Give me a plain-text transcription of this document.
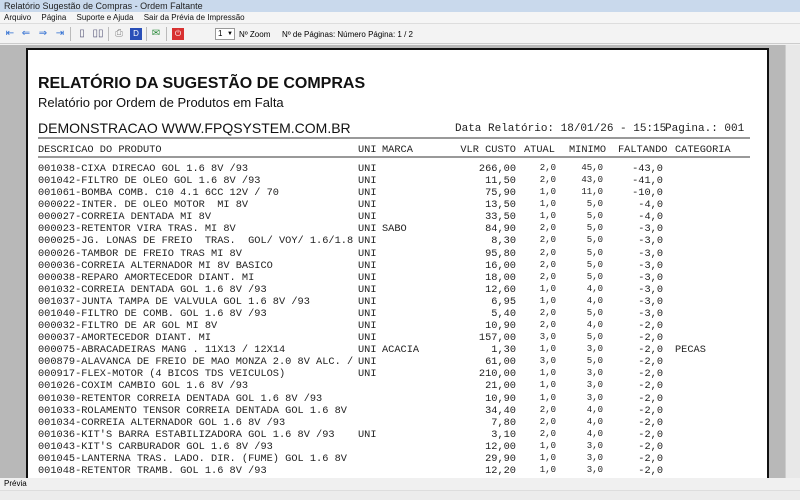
Relatório Sugestão de Compras - Ordem Faltante
Arquivo Página Suporte e Ajuda Sair da Prévia de Impressão
⇤ ⇐ ⇒ ⇥	▯ ▯▯ ⎙	D	✉	⏻	1 ▼ Nº Zoom Nº de Páginas: Número Página: 1 / 2
RELATÓRIO DA SUGESTÃO DE COMPRAS
Relatório por Ordem de Produtos em Falta
DEMONSTRACAO WWW.FPQSYSTEM.COM.BR	Data Relatório: 18/01/26 - 15:15
Pagina.: 001
DESCRICAO DO PRODUTO	UNI MARCA	VLR CUSTO ATUAL MINIMO FALTANDO CATEGORIA
001038-CIXA DIRECAO GOL 1.6 8V /93	UNI	266,00	2,0	45,0	-43,0
001042-FILTRO DE OLEO GOL 1.6 8V /93	UNI	11,50	2,0	43,0	-41,0
001061-BOMBA COMB. C10 4.1 6CC 12V / 70	UNI	75,90	1,0	11,0	-10,0
000022-INTER. DE OLEO MOTOR  MI 8V	UNI	13,50	1,0	5,0	-4,0
000027-CORREIA DENTADA MI 8V	UNI	33,50	1,0	5,0	-4,0
000023-RETENTOR VIRA TRAS. MI 8V	UNI SABO	84,90	2,0	5,0	-3,0
000025-JG. LONAS DE FREIO  TRAS.  GOL/ VOY/ 1.6/1.8 UNI	8,30	2,0	5,0	-3,0
000026-TAMBOR DE FREIO TRAS MI 8V	UNI	95,80	2,0	5,0	-3,0
000036-CORREIA ALTERNADOR MI 8V BASICO	UNI	16,00	2,0	5,0	-3,0
000038-REPARO AMORTECEDOR DIANT. MI	UNI	18,00	2,0	5,0	-3,0
001032-CORREIA DENTADA GOL 1.6 8V /93	UNI	12,60	1,0	4,0	-3,0
001037-JUNTA TAMPA DE VALVULA GOL 1.6 8V /93	UNI	6,95	1,0	4,0	-3,0
001040-FILTRO DE COMB. GOL 1.6 8V /93	UNI	5,40	2,0	5,0	-3,0
000032-FILTRO DE AR GOL MI 8V	UNI	10,90	2,0	4,0	-2,0
000037-AMORTECEDOR DIANT. MI	UNI	157,00	3,0	5,0	-2,0
000075-ABRACADEIRAS MANG . 11X13 / 12X14	UNI ACACIA	1,30	1,0	3,0	-2,0 PECAS
000879-ALAVANCA DE FREIO DE MAO MONZA 2.0 8V ALC. / UNI	61,00	3,0	5,0	-2,0
000917-FLEX-MOTOR (4 BICOS TDS VEICULOS)	UNI	210,00	1,0	3,0	-2,0
001026-COXIM CAMBIO GOL 1.6 8V /93	21,00	1,0	3,0	-2,0
001030-RETENTOR CORREIA DENTADA GOL 1.6 8V /93	10,90	1,0	3,0	-2,0
001033-ROLAMENTO TENSOR CORREIA DENTADA GOL 1.6 8V	34,40	2,0	4,0	-2,0
001034-CORREIA ALTERNADOR GOL 1.6 8V /93	7,80	2,0	4,0	-2,0
001036-KIT'S BARRA ESTABILIZADORA GOL 1.6 8V /93 UNI	3,10	2,0	4,0	-2,0
001043-KIT'S CARBURADOR GOL 1.6 8V /93	12,00	1,0	3,0	-2,0
001045-LANTERNA TRAS. LADO. DIR. (FUME) GOL 1.6 8V	29,90	1,0	3,0	-2,0
001048-RETENTOR TRAMB. GOL 1.6 8V /93	12,20	1,0	3,0	-2,0
Prévia
